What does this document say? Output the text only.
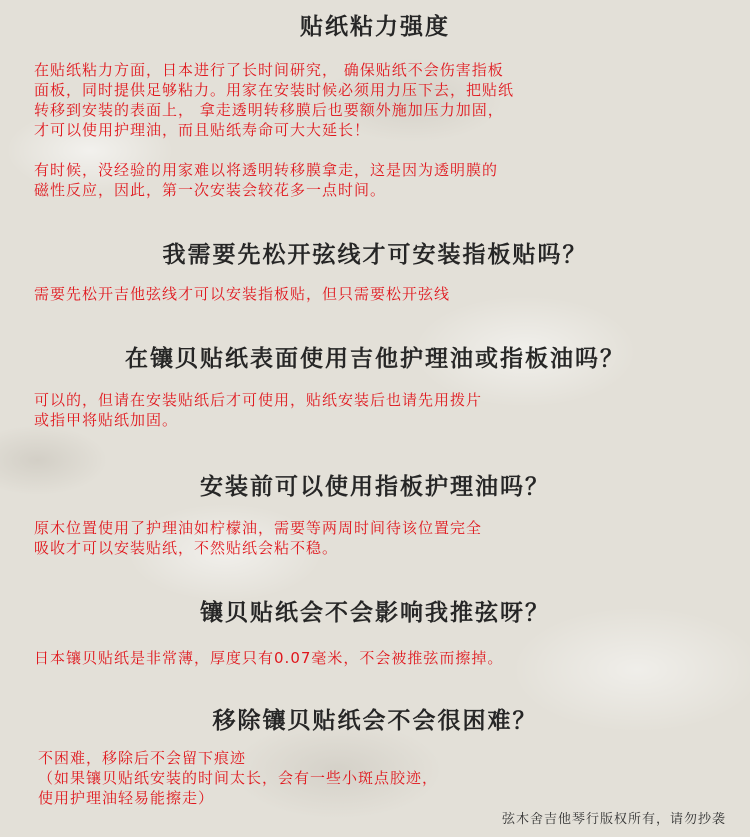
贴纸粘力强度
在贴纸粘力方面，日本进行了长时间研究， 确保贴纸不会伤害指板
面板，同时提供足够粘力。用家在安装时候必须用力压下去，把贴纸
转移到安装的表面上， 拿走透明转移膜后也要额外施加压力加固，
才可以使用护理油，而且贴纸寿命可大大延长！
有时候，没经验的用家难以将透明转移膜拿走，这是因为透明膜的
磁性反应，因此，第一次安装会较花多一点时间。
我需要先松开弦线才可安装指板贴吗？
需要先松开吉他弦线才可以安装指板贴，但只需要松开弦线
在镶贝贴纸表面使用吉他护理油或指板油吗？
可以的，但请在安装贴纸后才可使用，贴纸安装后也请先用拨片
或指甲将贴纸加固。
安装前可以使用指板护理油吗？
原木位置使用了护理油如柠檬油，需要等两周时间待该位置完全
吸收才可以安装贴纸，不然贴纸会粘不稳。
镶贝贴纸会不会影响我推弦呀？
日本镶贝贴纸是非常薄，厚度只有0.07毫米，不会被推弦而擦掉。
移除镶贝贴纸会不会很困难？
不困难，移除后不会留下痕迹
（如果镶贝贴纸安装的时间太长，会有一些小斑点胶迹，
使用护理油轻易能擦走）
弦木舍吉他琴行版权所有，请勿抄袭
